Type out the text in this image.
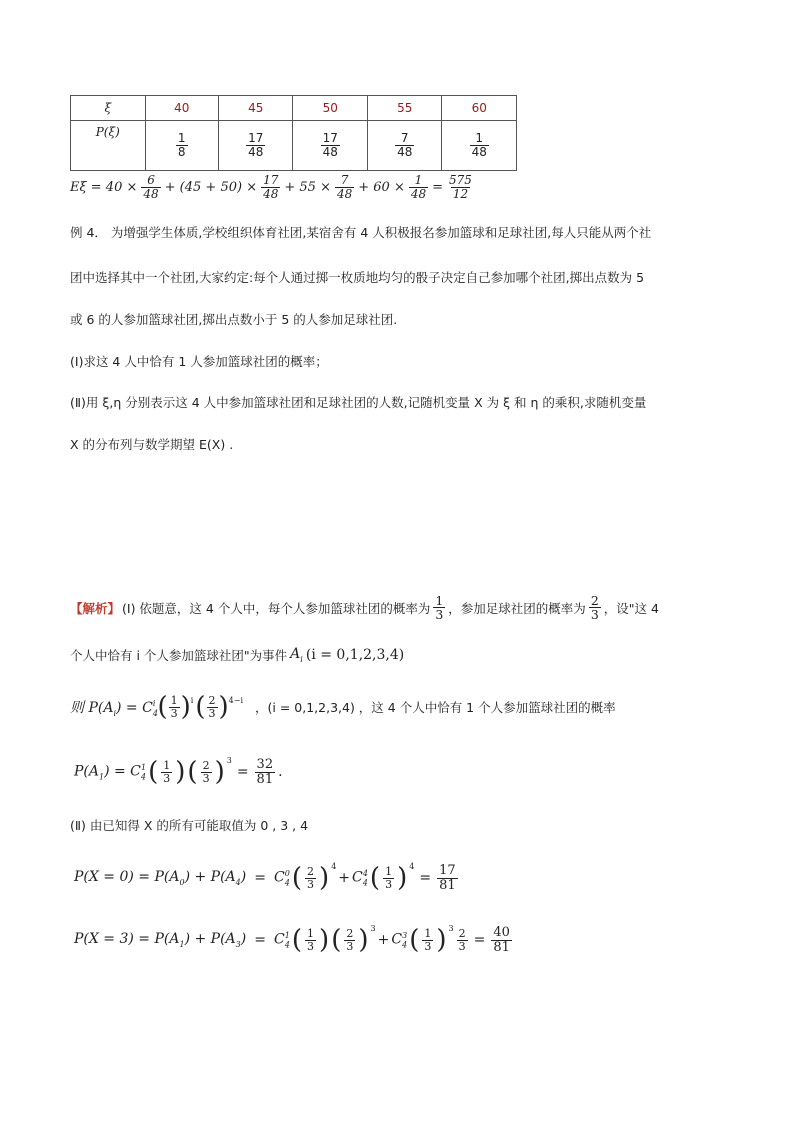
ξ	40	45	50	55	60
P(ξ)	$\frac{1}{8}$	$\frac{17}{48}$	$\frac{17}{48}$	$\frac{7}{48}$	$\frac{1}{48}$
$E\xi = 40 \times \frac{6}{48} + (45 + 50) \times \frac{17}{48} + 55 \times \frac{7}{48} + 60 \times \frac{1}{48} = \frac{575}{12}$
例 4． 为增强学生体质,学校组织体育社团,某宿舍有 4 人积极报名参加篮球和足球社团,每人只能从两个社
团中选择其中一个社团,大家约定:每个人通过掷一枚质地均匀的骰子决定自己参加哪个社团,掷出点数为 5
或 6 的人参加篮球社团,掷出点数小于 5 的人参加足球社团.
(Ⅰ)求这 4 人中恰有 1 人参加篮球社团的概率；
(Ⅱ)用 ξ,η 分别表示这 4 人中参加篮球社团和足球社团的人数,记随机变量 X 为 ξ 和 η 的乘积,求随机变量
X 的分布列与数学期望 E(X) .
【解析】 (Ⅰ) 依题意，这 4 个人中，每个人参加篮球社团的概率为 $\frac{1}{3}$ ，参加足球社团的概率为 $\frac{2}{3}$ ，设"这 4
个人中恰有 i 个人参加篮球社团"为事件 $A_i$ (i = 0,1,2,3,4)
则 $P(A_i) = C_4^i$ ( $\frac{1}{3} )^i$ ( $\frac{2}{3} )^{4-i}$ ，(i = 0,1,2,3,4) ，这 4 个人中恰有 1 个人参加篮球社团的概率
$P(A_1) = C_4^1$ ( $\frac{1}{3}$ ) ( $\frac{2}{3}$ ) $^3$
= $\frac{32}{81}$ .
(Ⅱ) 由已知得 X 的所有可能取值为 0 , 3 , 4
$P(X = 0) = P(A_0) + P(A_4) = C_4^0$ ( $\frac{2}{3}$ ) $^4$
+ $C_4^4$ ( $\frac{1}{3}$ ) $^4$
= $\frac{17}{81}$
$P(X = 3) = P(A_1) + P(A_3) = C_4^1$ ( $\frac{1}{3}$ ) ( $\frac{2}{3}$ ) $^3$
+ $C_4^3$ ( $\frac{1}{3}$ ) $^3 \frac{2}{3} = \frac{40}{81}$
